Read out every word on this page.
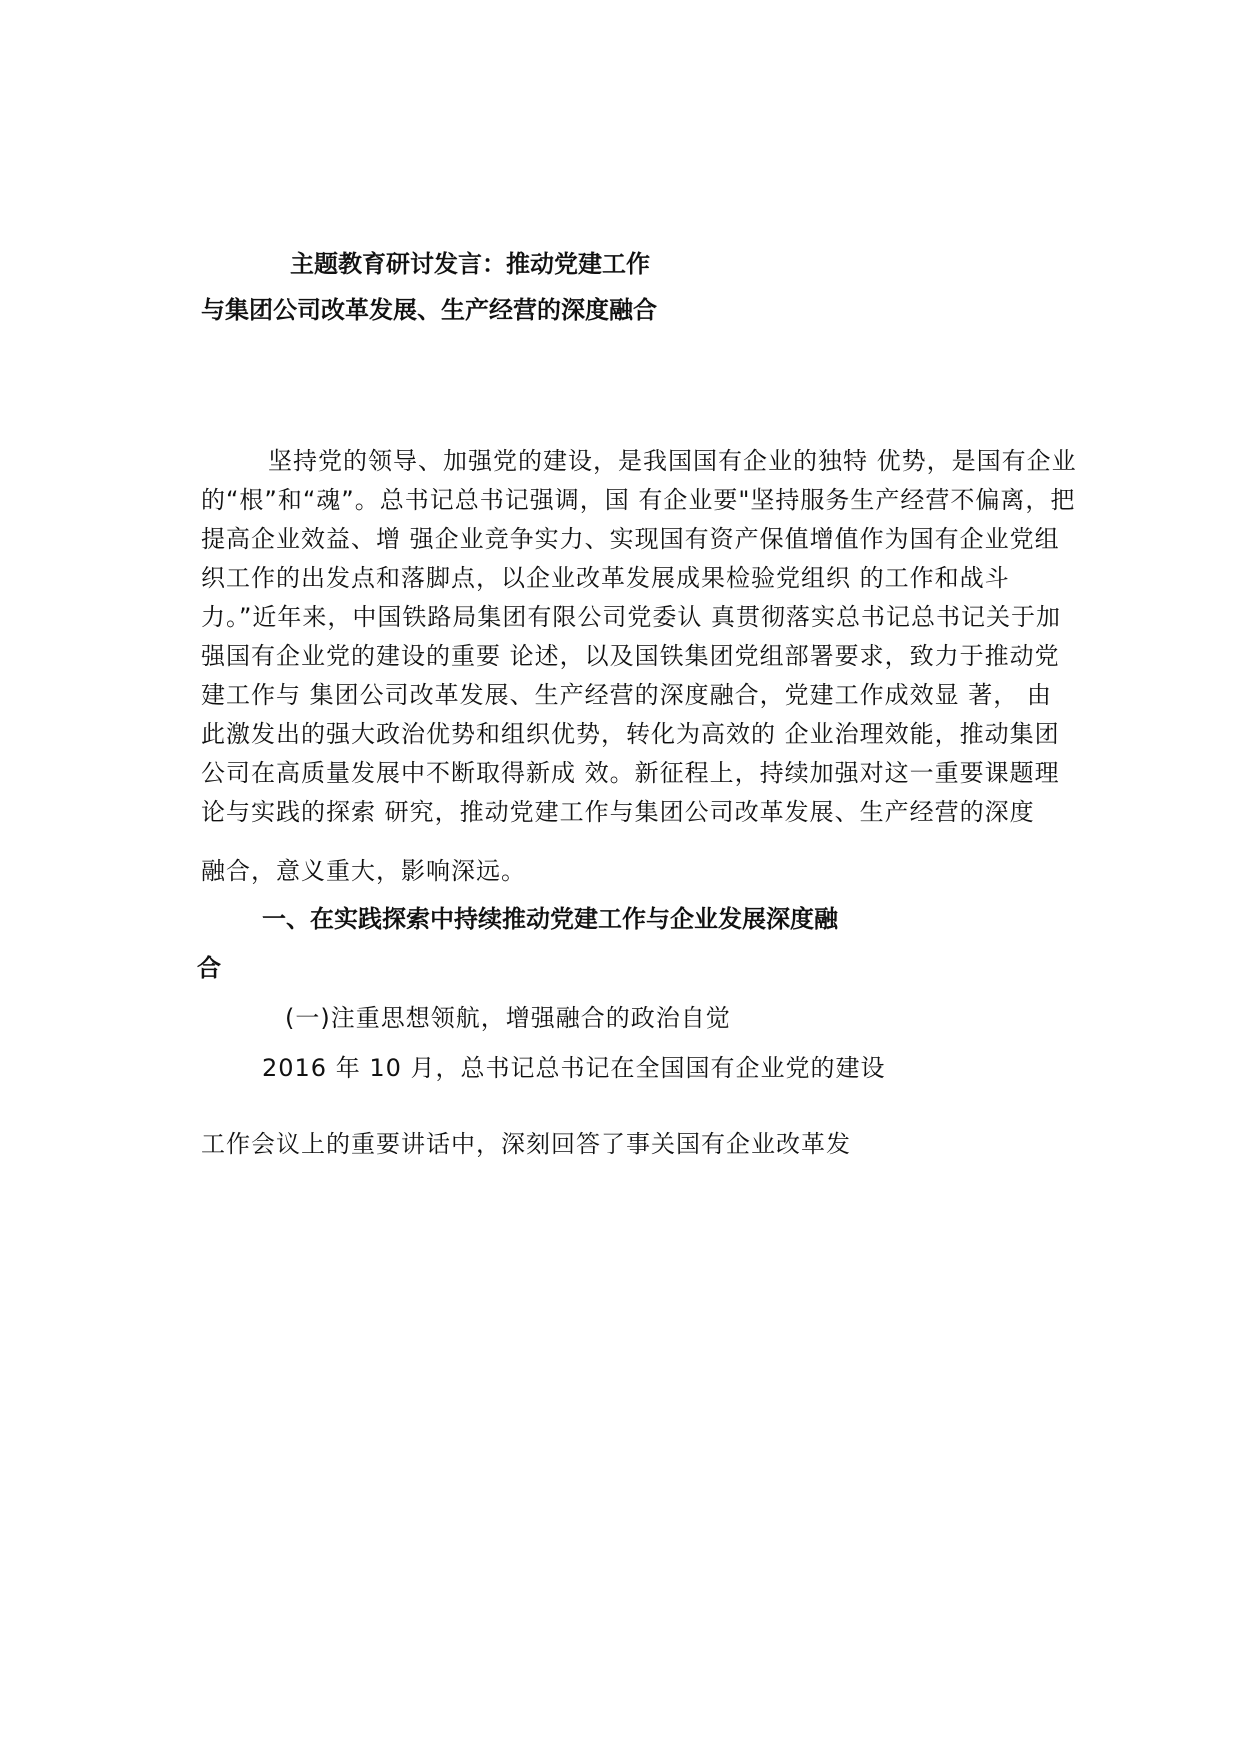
主题教育研讨发言：推动党建工作

与集团公司改革发展、生产经营的深度融合

坚持党的领导、加强党的建设，是我国国有企业的独特 优势，是国有企业

的“根”和“魂”。总书记总书记强调，国 有企业要"坚持服务生产经营不偏离，把

提高企业效益、增 强企业竞争实力、实现国有资产保值增值作为国有企业党组

织工作的出发点和落脚点，以企业改革发展成果检验党组织 的工作和战斗

力。”近年来，中国铁路局集团有限公司党委认 真贯彻落实总书记总书记关于加

强国有企业党的建设的重要 论述，以及国铁集团党组部署要求，致力于推动党

建工作与 集团公司改革发展、生产经营的深度融合，党建工作成效显 著， 由

此激发出的强大政治优势和组织优势，转化为高效的 企业治理效能，推动集团

公司在高质量发展中不断取得新成 效。新征程上，持续加强对这一重要课题理

论与实践的探索 研究，推动党建工作与集团公司改革发展、生产经营的深度

融合，意义重大，影响深远。

一、在实践探索中持续推动党建工作与企业发展深度融

合

(一)注重思想领航，增强融合的政治自觉

2016 年 10 月，总书记总书记在全国国有企业党的建设

工作会议上的重要讲话中，深刻回答了事关国有企业改革发
